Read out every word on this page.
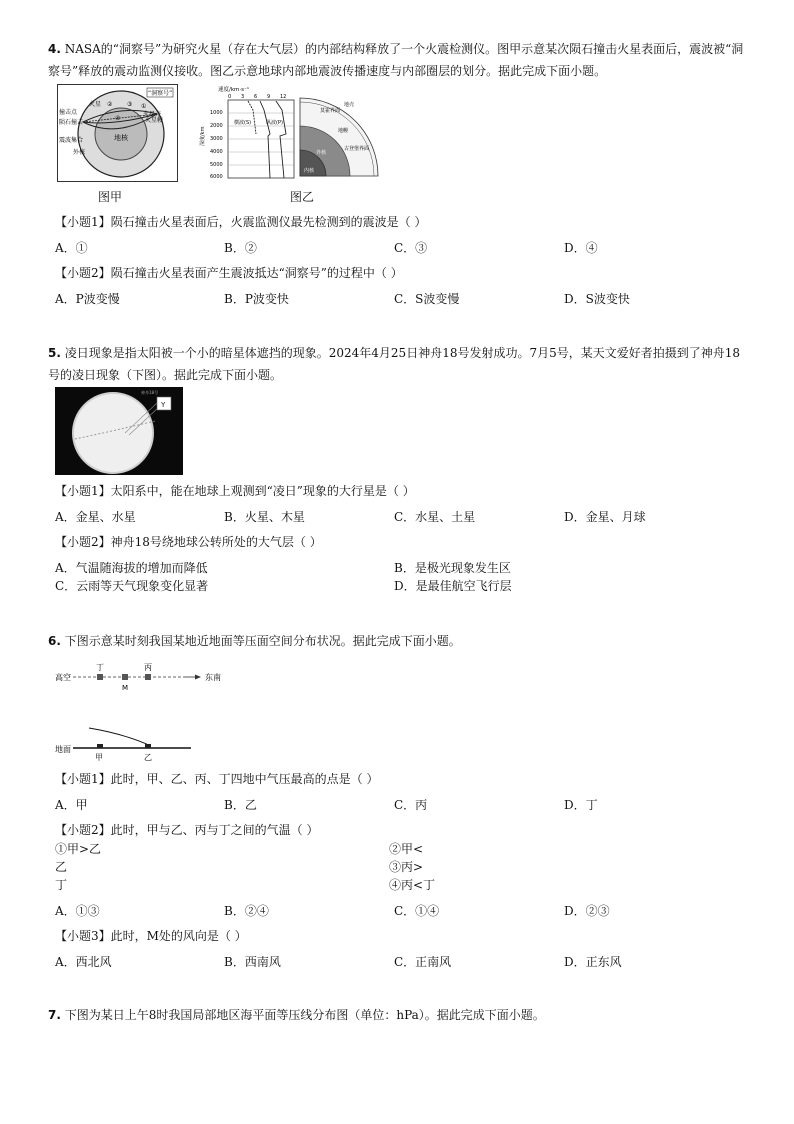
4. NASA的“洞察号”为研究火星（存在大气层）的内部结构释放了一个火震检测仪。图甲示意某次陨石撞击火星表面后，震波被“洞察号”释放的震动监测仪接收。图乙示意地球内部地震波传播速度与内部圈层的划分。据此完成下面小题。
“洞察号”
火星
地核
② ③ ①
④
火星壳
火星幔
撞击点
外核
陨石撞击
震波集合
图甲
速度/km·s⁻¹
0 3 6 9 12
1000
2000
3000
4000
5000
6000
深度/km
横波(S)	纵波(P)
地壳
莫霍界面
地幔
古登堡界面
外核
内核
图乙
【小题1】陨石撞击火星表面后，火震监测仪最先检测到的震波是（ ）
A．①	B．②	C．③	D．④
【小题2】陨石撞击火星表面产生震波抵达“洞察号”的过程中（ ）
A．P波变慢	B．P波变快	C．S波变慢	D．S波变快
5. 凌日现象是指太阳被一个小的暗星体遮挡的现象。2024年4月25日神舟18号发射成功。7月5号，某天文爱好者拍摄到了神舟18号的凌日现象（下图）。据此完成下面小题。
Y
神舟18号
【小题1】太阳系中，能在地球上观测到“凌日”现象的大行星是（ ）
A．金星、水星	B．火星、木星	C．水星、土星	D．金星、月球
【小题2】神舟18号绕地球公转所处的大气层（ ）
A．气温随海拔的增加而降低	B．是极光现象发生区
C．云雨等天气现象变化显著	D．是最佳航空飞行层
6. 下图示意某时刻我国某地近地面等压面空间分布状况。据此完成下面小题。
高空	东南
丁
M
丙
地面
甲	乙
【小题1】此时，甲、乙、丙、丁四地中气压最高的点是（ ）
A．甲	B．乙	C．丙	D．丁
【小题2】此时，甲与乙、丙与丁之间的气温（ ）
①甲>乙	②甲<
乙	③丙>
丁	④丙<丁
A．①③	B．②④	C．①④	D．②③
【小题3】此时，M处的风向是（ ）
A．西北风	B．西南风	C．正南风	D．正东风
7. 下图为某日上午8时我国局部地区海平面等压线分布图（单位：hPa）。据此完成下面小题。
